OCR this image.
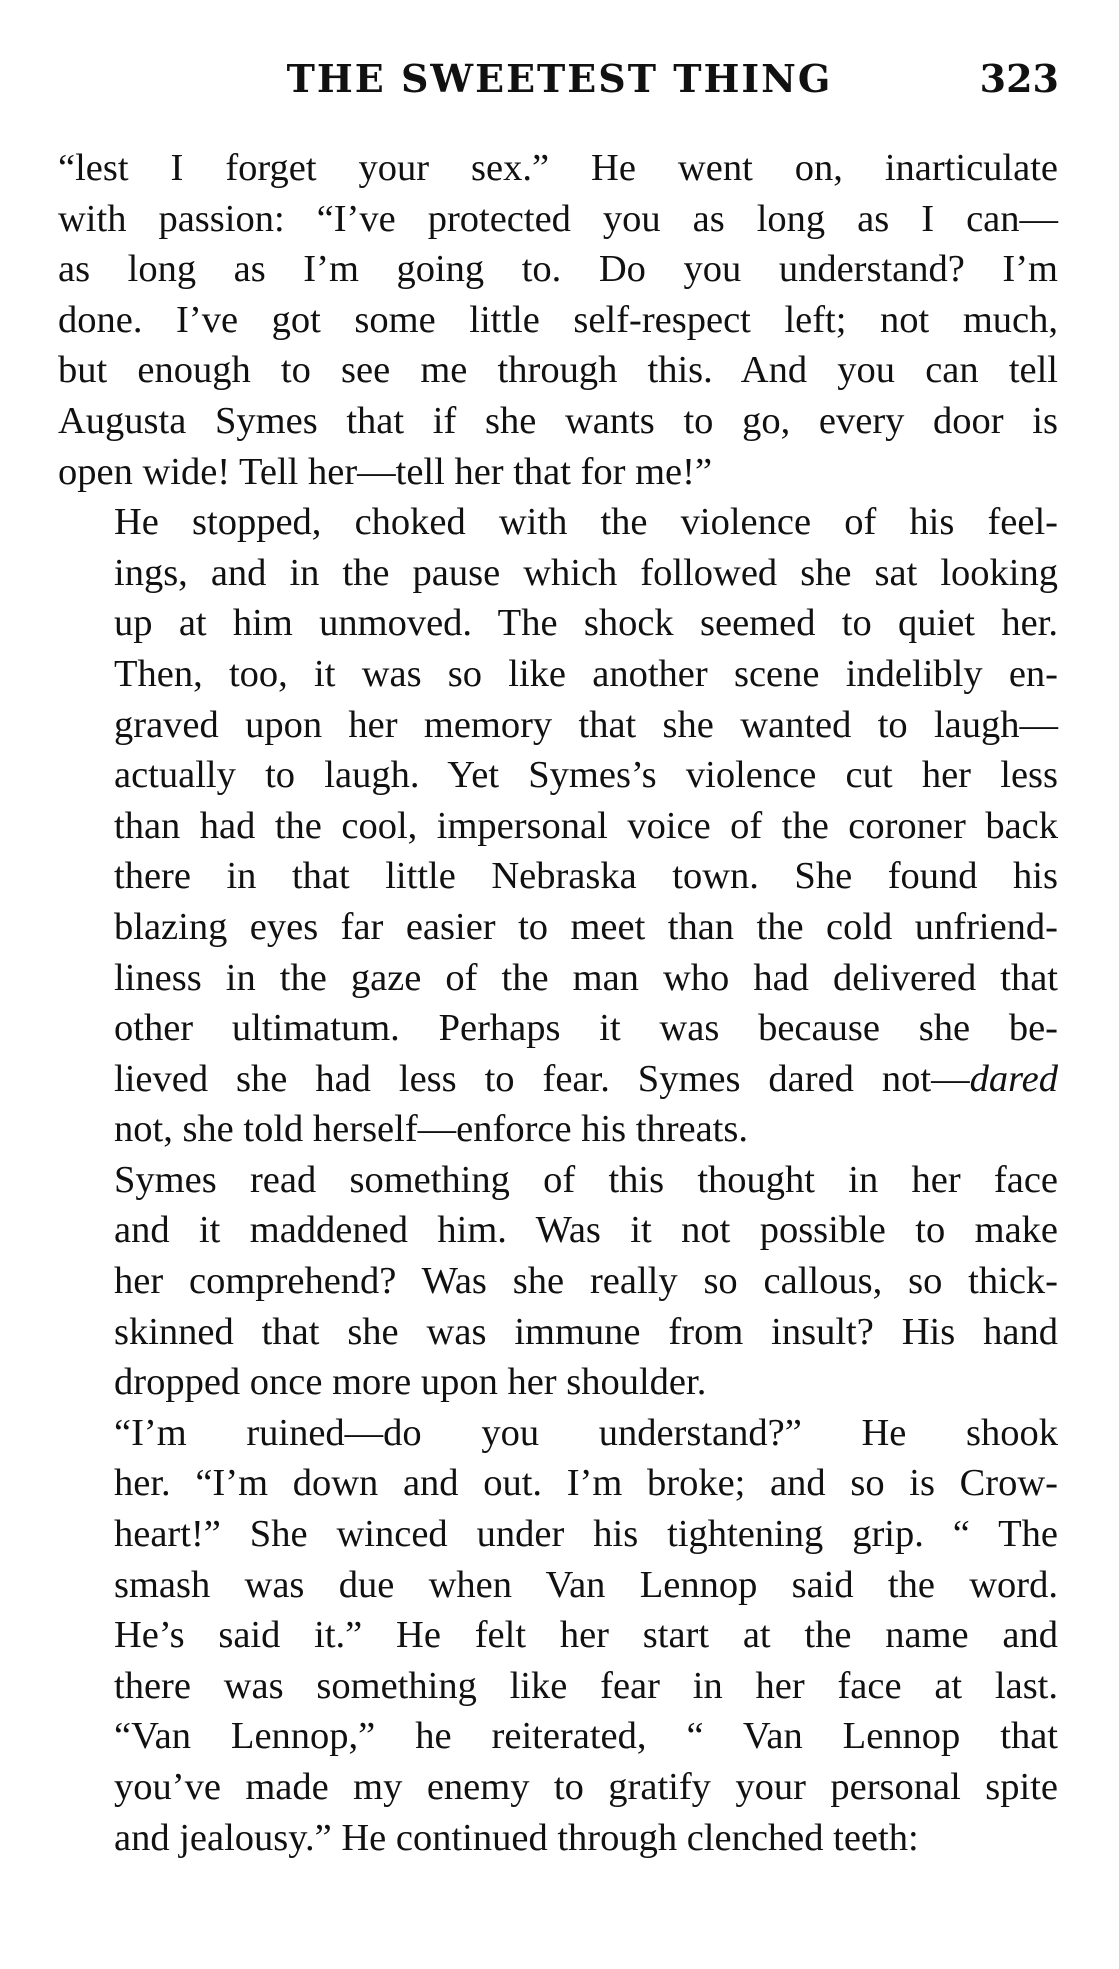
THE SWEETEST THING	323

“lest I forget your sex.” He went on, inarticulate
with passion: “I’ve protected you as long as I can—
as long as I’m going to. Do you understand? I’m
done. I’ve got some little self-respect left; not much,
but enough to see me through this. And you can tell
Augusta Symes that if she wants to go, every door is
open wide! Tell her—tell her that for me!”

He stopped, choked with the violence of his feel-
ings, and in the pause which followed she sat looking
up at him unmoved. The shock seemed to quiet her.
Then, too, it was so like another scene indelibly en-
graved upon her memory that she wanted to laugh—
actually to laugh. Yet Symes’s violence cut her less
than had the cool, impersonal voice of the coroner back
there in that little Nebraska town. She found his
blazing eyes far easier to meet than the cold unfriend-
liness in the gaze of the man who had delivered that
other ultimatum. Perhaps it was because she be-
lieved she had less to fear. Symes dared not—dared
not, she told herself—enforce his threats.

Symes read something of this thought in her face
and it maddened him. Was it not possible to make
her comprehend? Was she really so callous, so thick-
skinned that she was immune from insult? His hand
dropped once more upon her shoulder.

“I’m ruined—do you understand?” He shook
her. “I’m down and out. I’m broke; and so is Crow-
heart!” She winced under his tightening grip. “ The
smash was due when Van Lennop said the word.
He’s said it.” He felt her start at the name and
there was something like fear in her face at last.
“Van Lennop,” he reiterated, “ Van Lennop that
you’ve made my enemy to gratify your personal spite
and jealousy.” He continued through clenched teeth:
